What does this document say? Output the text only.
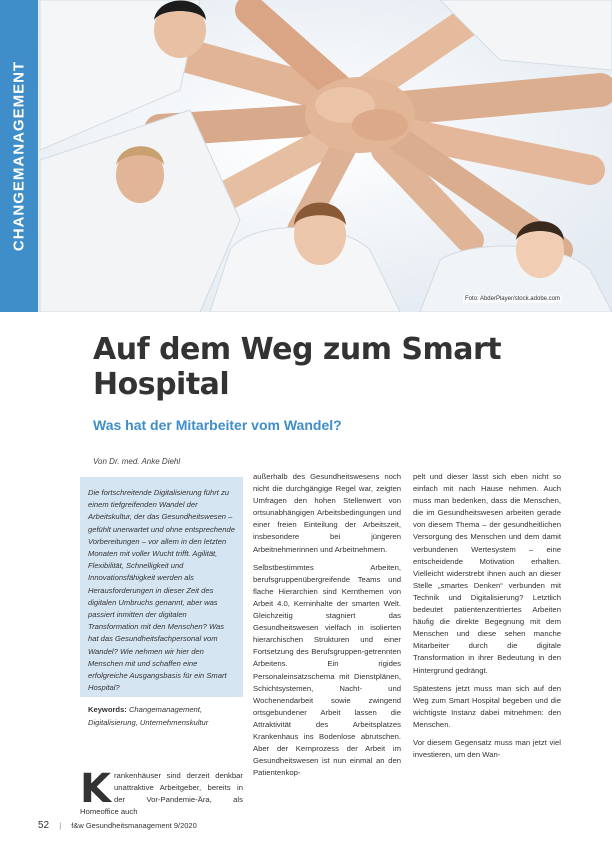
CHANGEMANAGEMENT
Foto: AbderPlayer/stock.adobe.com
Auf dem Weg zum Smart Hospital
Was hat der Mitarbeiter vom Wandel?
Von Dr. med. Anke Diehl
Die fortschreitende Digitalisierung führt zu einem tiefgreifenden Wandel der Arbeitskultur, der das Gesundheitswesen – gefühlt unerwartet und ohne entsprechende Vorbereitungen – vor allem in den letzten Monaten mit voller Wucht trifft. Agilität, Flexibilität, Schnelligkeit und Innovationsfähigkeit werden als Herausforderungen in dieser Zeit des digitalen Umbruchs genannt, aber was passiert inmitten der digitalen Transformation mit den Menschen? Was hat das Gesundheitsfachpersonal vom Wandel? Wie nehmen wir hier den Menschen mit und schaffen eine erfolgreiche Ausgangsbasis für ein Smart Hospital?
Keywords: Changemanagement, Digitalisierung, Unternehmenskultur
K rankenhäuser sind derzeit denkbar unattraktive Arbeitgeber, bereits in der Vor-Pandemie-Ära, als Homeoffice auch

außerhalb des Gesundheitswesens noch nicht die durchgängige Regel war, zeigten Umfragen den hohen Stellenwert von ortsunabhängigen Arbeitsbedingungen und einer freien Einteilung der Arbeitszeit, insbesondere bei jüngeren Arbeitnehmerinnen und Arbeitnehmern.

Selbstbestimmtes Arbeiten, berufsgruppenübergreifende Teams und flache Hierarchien sind Kernthemen von Arbeit 4.0, Kerninhalte der smarten Welt. Gleichzeitig stagniert das Gesundheitswesen vielfach in isolierten hierarchischen Strukturen und einer Fortsetzung des Berufsgruppen-getrennten Arbeitens. Ein rigides Personaleinsatzschema mit Dienstplänen, Schichtsystemen, Nacht- und Wochenendarbeit sowie zwingend ortsgebundener Arbeit lassen die Attraktivität des Arbeitsplatzes Krankenhaus ins Bodenlose abrutschen. Aber der Kernprozess der Arbeit im Gesundheitswesen ist nun einmal an den Patientenkop-

pelt und dieser lässt sich eben nicht so einfach mit nach Hause nehmen. Auch muss man bedenken, dass die Menschen, die im Gesundheitswesen arbeiten gerade von diesem Thema – der gesundheitlichen Versorgung des Menschen und dem damit verbundenen Wertesystem – eine entscheidende Motivation erhalten. Vielleicht widerstrebt ihnen auch an dieser Stelle „smartes Denken“ verbunden mit Technik und Digitalisierung? Letztlich bedeutet patientenzentriertes Arbeiten häufig die direkte Begegnung mit dem Menschen und diese sehen manche Mitarbeiter durch die digitale Transformation in ihrer Bedeutung in den Hintergrund gedrängt.

Spätestens jetzt muss man sich auf den Weg zum Smart Hospital begeben und die wichtigste Instanz dabei mitnehmen: den Menschen.

Vor diesem Gegensatz muss man jetzt viel investieren, um den Wan-

52 | f&w Gesundheitsmanagement 9/2020
